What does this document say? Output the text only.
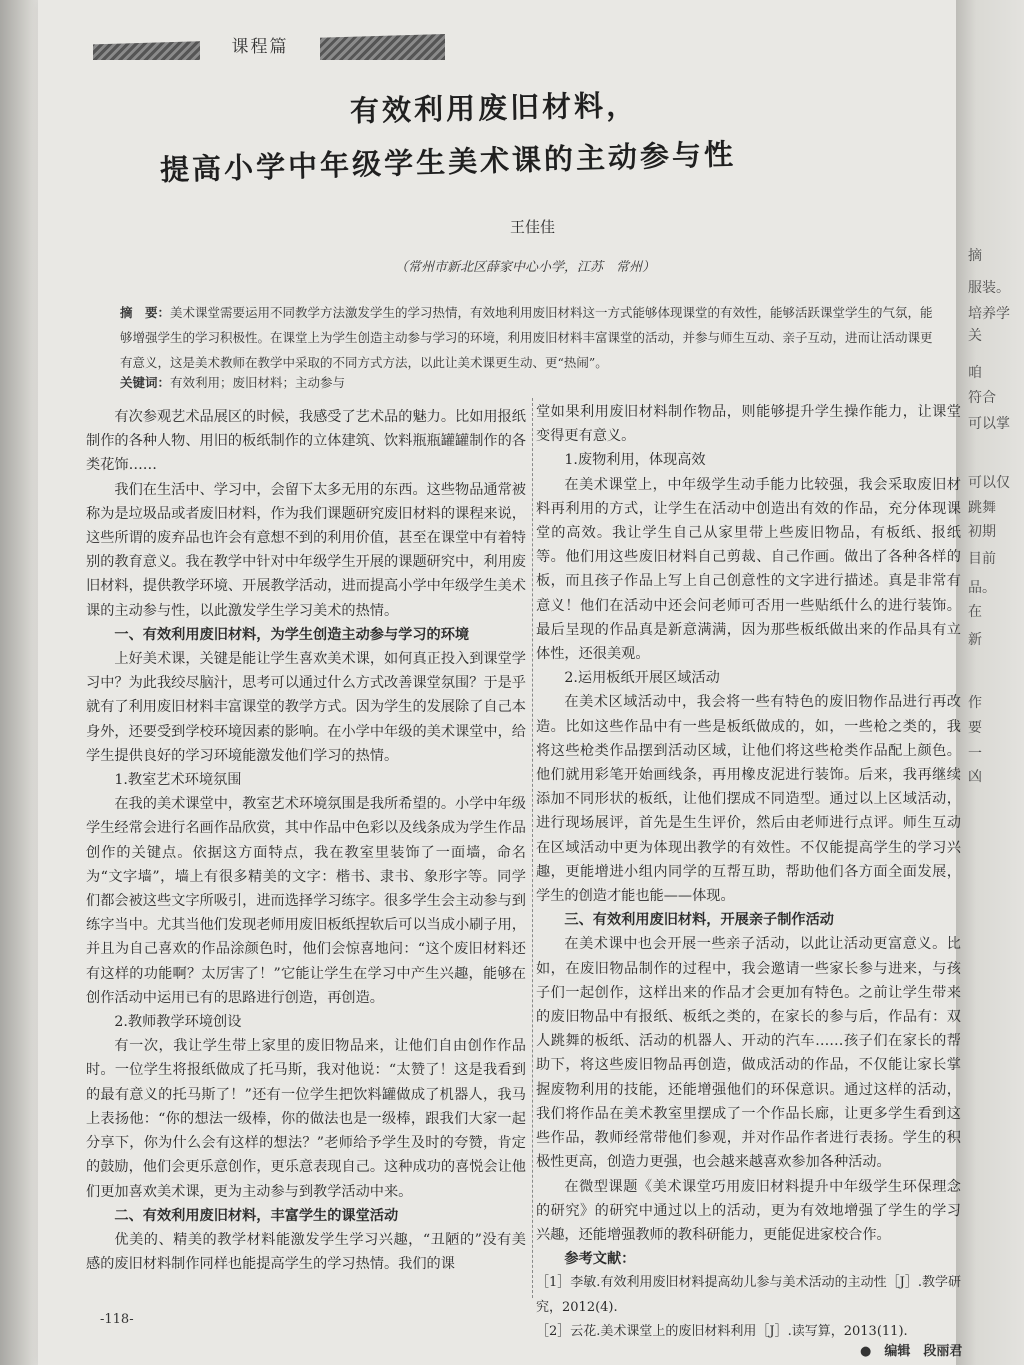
摘
服装。
培养学
关
咱
符合
可以掌
可以仅
跳舞
初期
目前
品。
在
新
作
要
一
凶
课程篇
有效利用废旧材料，
提高小学中年级学生美术课的主动参与性
王佳佳
（常州市新北区薛家中心小学，江苏　常州）
摘　要：美术课堂需要运用不同教学方法激发学生的学习热情，有效地利用废旧材料这一方式能够体现课堂的有效性，能够活跃课堂学生的气氛，能够增强学生的学习积极性。在课堂上为学生创造主动参与学习的环境，利用废旧材料丰富课堂的活动，并参与师生互动、亲子互动，进而让活动课更有意义，这是美术教师在教学中采取的不同方式方法，以此让美术课更生动、更“热闹”。
关键词：有效利用；废旧材料；主动参与

有次参观艺术品展区的时候，我感受了艺术品的魅力。比如用报纸制作的各种人物、用旧的板纸制作的立体建筑、饮料瓶瓶罐罐制作的各类花饰……

我们在生活中、学习中，会留下太多无用的东西。这些物品通常被称为是垃圾品或者废旧材料，作为我们课题研究废旧材料的课程来说，这些所谓的废弃品也许会有意想不到的利用价值，甚至在课堂中有着特别的教育意义。我在教学中针对中年级学生开展的课题研究中，利用废旧材料，提供教学环境、开展教学活动，进而提高小学中年级学生美术课的主动参与性，以此激发学生学习美术的热情。

一、有效利用废旧材料，为学生创造主动参与学习的环境

上好美术课，关键是能让学生喜欢美术课，如何真正投入到课堂学习中？为此我绞尽脑汁，思考可以通过什么方式改善课堂氛围？于是乎就有了利用废旧材料丰富课堂的教学方式。因为学生的发展除了自己本身外，还要受到学校环境因素的影响。在小学中年级的美术课堂中，给学生提供良好的学习环境能激发他们学习的热情。

1.教室艺术环境氛围

在我的美术课堂中，教室艺术环境氛围是我所希望的。小学中年级学生经常会进行名画作品欣赏，其中作品中色彩以及线条成为学生作品创作的关键点。依据这方面特点，我在教室里装饰了一面墙，命名为“文字墙”，墙上有很多精美的文字：楷书、隶书、象形字等。同学们都会被这些文字所吸引，进而选择学习练字。很多学生会主动参与到练字当中。尤其当他们发现老师用废旧板纸捏软后可以当成小刷子用，并且为自己喜欢的作品涂颜色时，他们会惊喜地问：“这个废旧材料还有这样的功能啊？太厉害了！”它能让学生在学习中产生兴趣，能够在创作活动中运用已有的思路进行创造，再创造。

2.教师教学环境创设

有一次，我让学生带上家里的废旧物品来，让他们自由创作作品时。一位学生将报纸做成了托马斯，我对他说：“太赞了！这是我看到的最有意义的托马斯了！”还有一位学生把饮料罐做成了机器人，我马上表扬他：“你的想法一级棒，你的做法也是一级棒，跟我们大家一起分享下，你为什么会有这样的想法？”老师给予学生及时的夸赞，肯定的鼓励，他们会更乐意创作，更乐意表现自己。这种成功的喜悦会让他们更加喜欢美术课，更为主动参与到教学活动中来。

二、有效利用废旧材料，丰富学生的课堂活动

优美的、精美的教学材料能激发学生学习兴趣，“丑陋的”没有美感的废旧材料制作同样也能提高学生的学习热情。我们的课

堂如果利用废旧材料制作物品，则能够提升学生操作能力，让课堂变得更有意义。

1.废物利用，体现高效

在美术课堂上，中年级学生动手能力比较强，我会采取废旧材料再利用的方式，让学生在活动中创造出有效的作品，充分体现课堂的高效。我让学生自己从家里带上些废旧物品，有板纸、报纸等。他们用这些废旧材料自己剪裁、自己作画。做出了各种各样的板，而且孩子作品上写上自己创意性的文字进行描述。真是非常有意义！他们在活动中还会问老师可否用一些贴纸什么的进行装饰。最后呈现的作品真是新意满满，因为那些板纸做出来的作品具有立体性，还很美观。

2.运用板纸开展区域活动

在美术区域活动中，我会将一些有特色的废旧物作品进行再改造。比如这些作品中有一些是板纸做成的，如，一些枪之类的，我将这些枪类作品摆到活动区域，让他们将这些枪类作品配上颜色。他们就用彩笔开始画线条，再用橡皮泥进行装饰。后来，我再继续添加不同形状的板纸，让他们摆成不同造型。通过以上区域活动，进行现场展评，首先是生生评价，然后由老师进行点评。师生互动在区域活动中更为体现出教学的有效性。不仅能提高学生的学习兴趣，更能增进小组内同学的互帮互助，帮助他们各方面全面发展，学生的创造才能也能——体现。

三、有效利用废旧材料，开展亲子制作活动

在美术课中也会开展一些亲子活动，以此让活动更富意义。比如，在废旧物品制作的过程中，我会邀请一些家长参与进来，与孩子们一起创作，这样出来的作品才会更加有特色。之前让学生带来的废旧物品中有报纸、板纸之类的，在家长的参与后，作品有：双人跳舞的板纸、活动的机器人、开动的汽车……孩子们在家长的帮助下，将这些废旧物品再创造，做成活动的作品，不仅能让家长掌握废物利用的技能，还能增强他们的环保意识。通过这样的活动，我们将作品在美术教室里摆成了一个作品长廊，让更多学生看到这些作品，教师经常带他们参观，并对作品作者进行表扬。学生的积极性更高，创造力更强，也会越来越喜欢参加各种活动。

在微型课题《美术课堂巧用废旧材料提升中年级学生环保理念的研究》的研究中通过以上的活动，更为有效地增强了学生的学习兴趣，还能增强教师的教科研能力，更能促进家校合作。

参考文献：

［1］李敏.有效利用废旧材料提高幼儿参与美术活动的主动性［J］.教学研究，2012(4).

［2］云花.美术课堂上的废旧材料利用［J］.读写算，2013(11).

-118-
●　编辑　段丽君
